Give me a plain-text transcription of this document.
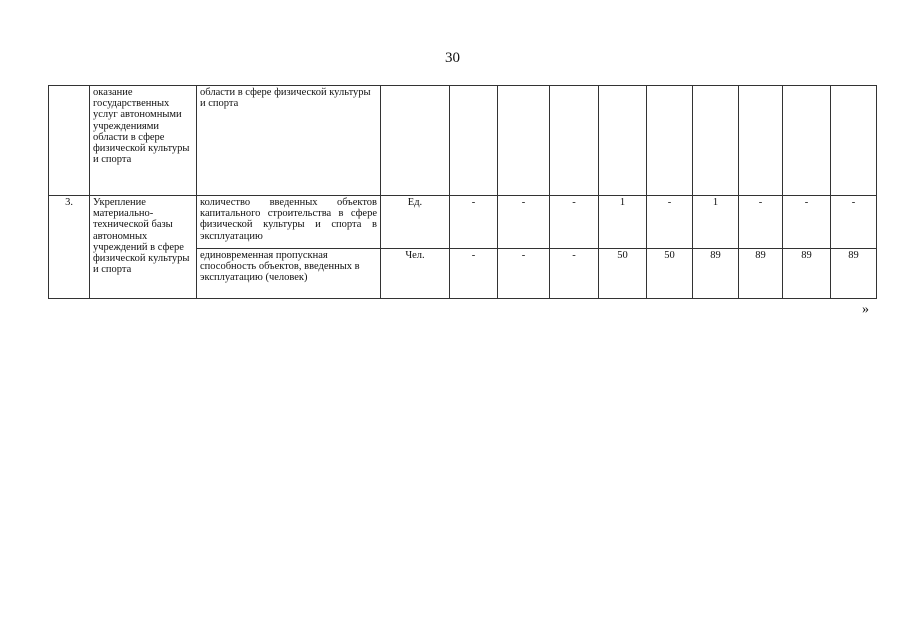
30
	оказание государственных услуг автономными учреждениями области в сфере физической культуры и спорта	области в сфере физической культуры и спорта										
3.	Укрепление материально-технической базы автономных учреждений в сфере физической культуры и спорта	количество введенных объектов капитального строительства в сфере физической культуры и спорта в эксплуатацию	Ед.	-	-	-	1	-	1	-	-	-
		единовременная пропускная способность объектов, введенных в эксплуатацию (человек)	Чел.	-	-	-	50	50	89	89	89	89
»
